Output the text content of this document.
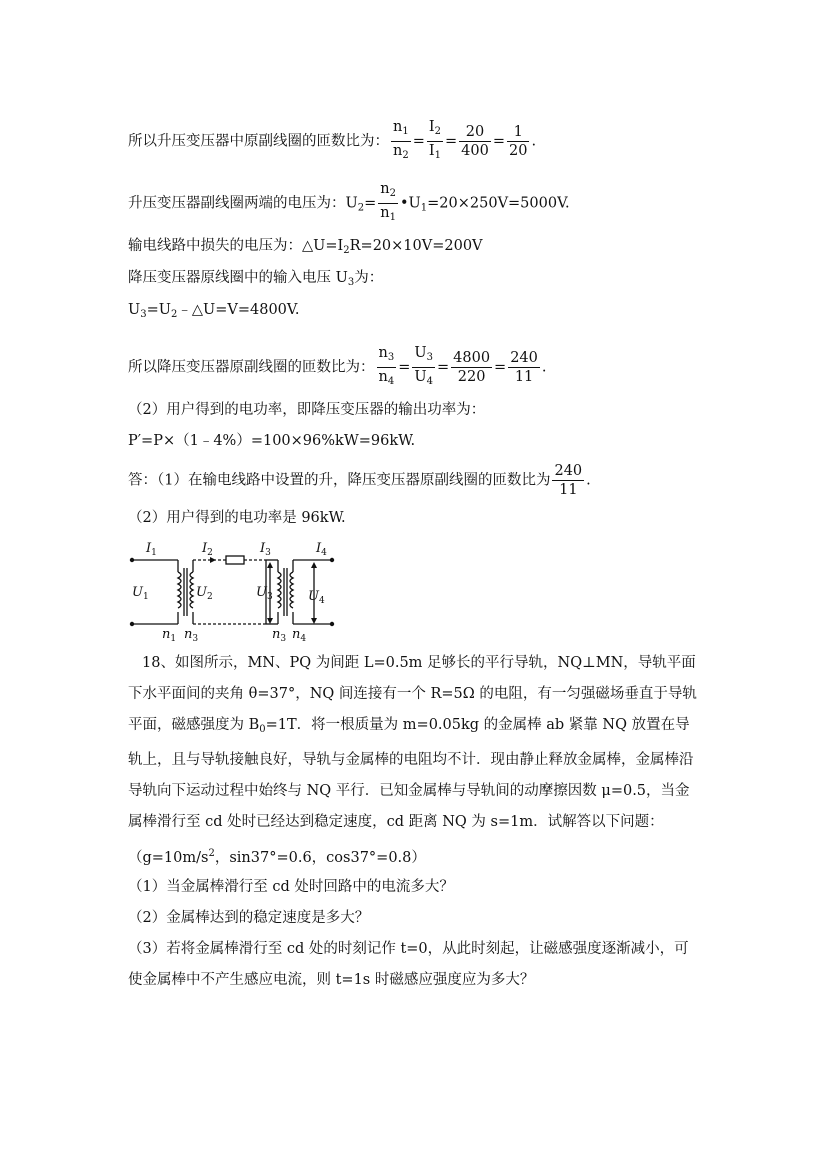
所以升压变压器中原副线圈的匝数比为： $\frac{n_1}{n_2} = \frac{I_2}{I_1} = \frac{20}{400} = \frac{1}{20}$ .
升压变压器副线圈两端的电压为：$U_2= \frac{n_2}{n_1}$ $•U_1=20\times 250V=5000V$.
输电线路中损失的电压为：$\triangle U=I_2R=20\times 10V=200V$
降压变压器原线圈中的输入电压 $U_3$为：
$U_3=U_2﹣\triangle U=V=4800V$.
所以降压变压器原副线圈的匝数比为： $\frac{n_3}{n_4} = \frac{U_3}{U_4} = \frac{4800}{220} = \frac{240}{11}$ .
（2）用户得到的电功率，即降压变压器的输出功率为：
P′=P×（1﹣4%）=100×96%kW=96kW.
答：（1）在输电线路中设置的升，降压变压器原副线圈的匝数比为 $\frac{240}{11}$ .
（2）用户得到的电功率是 96kW.
$I_1$	$I_2$	$I_3$	$I_4$
$U_1$	$U_2$	$U_3$	$U_4$
$n_1$ $n_3$	$n_3$ $n_4$
18、如图所示，MN、PQ 为间距 L=0.5m 足够长的平行导轨，NQ⊥MN，导轨平面下水平面间的夹角 θ=37°，NQ 间连接有一个 R=5Ω 的电阻，有一匀强磁场垂直于导轨平面，磁感强度为 $B_0=1T$．将一根质量为 m=0.05kg 的金属棒 ab 紧靠 NQ 放置在导轨上，且与导轨接触良好，导轨与金属棒的电阻均不计．现由静止释放金属棒，金属棒沿导轨向下运动过程中始终与 NQ 平行．已知金属棒与导轨间的动摩擦因数 μ=0.5，当金属棒滑行至 cd 处时已经达到稳定速度，cd 距离 NQ 为 s=1m．试解答以下问题：（$g=10m/s^2$，sin37°=0.6，cos37°=0.8）
（1）当金属棒滑行至 cd 处时回路中的电流多大？
（2）金属棒达到的稳定速度是多大？
（3）若将金属棒滑行至 cd 处的时刻记作 t=0，从此时刻起，让磁感强度逐渐减小，可使金属棒中不产生感应电流，则 t=1s 时磁感应强度应为多大？
